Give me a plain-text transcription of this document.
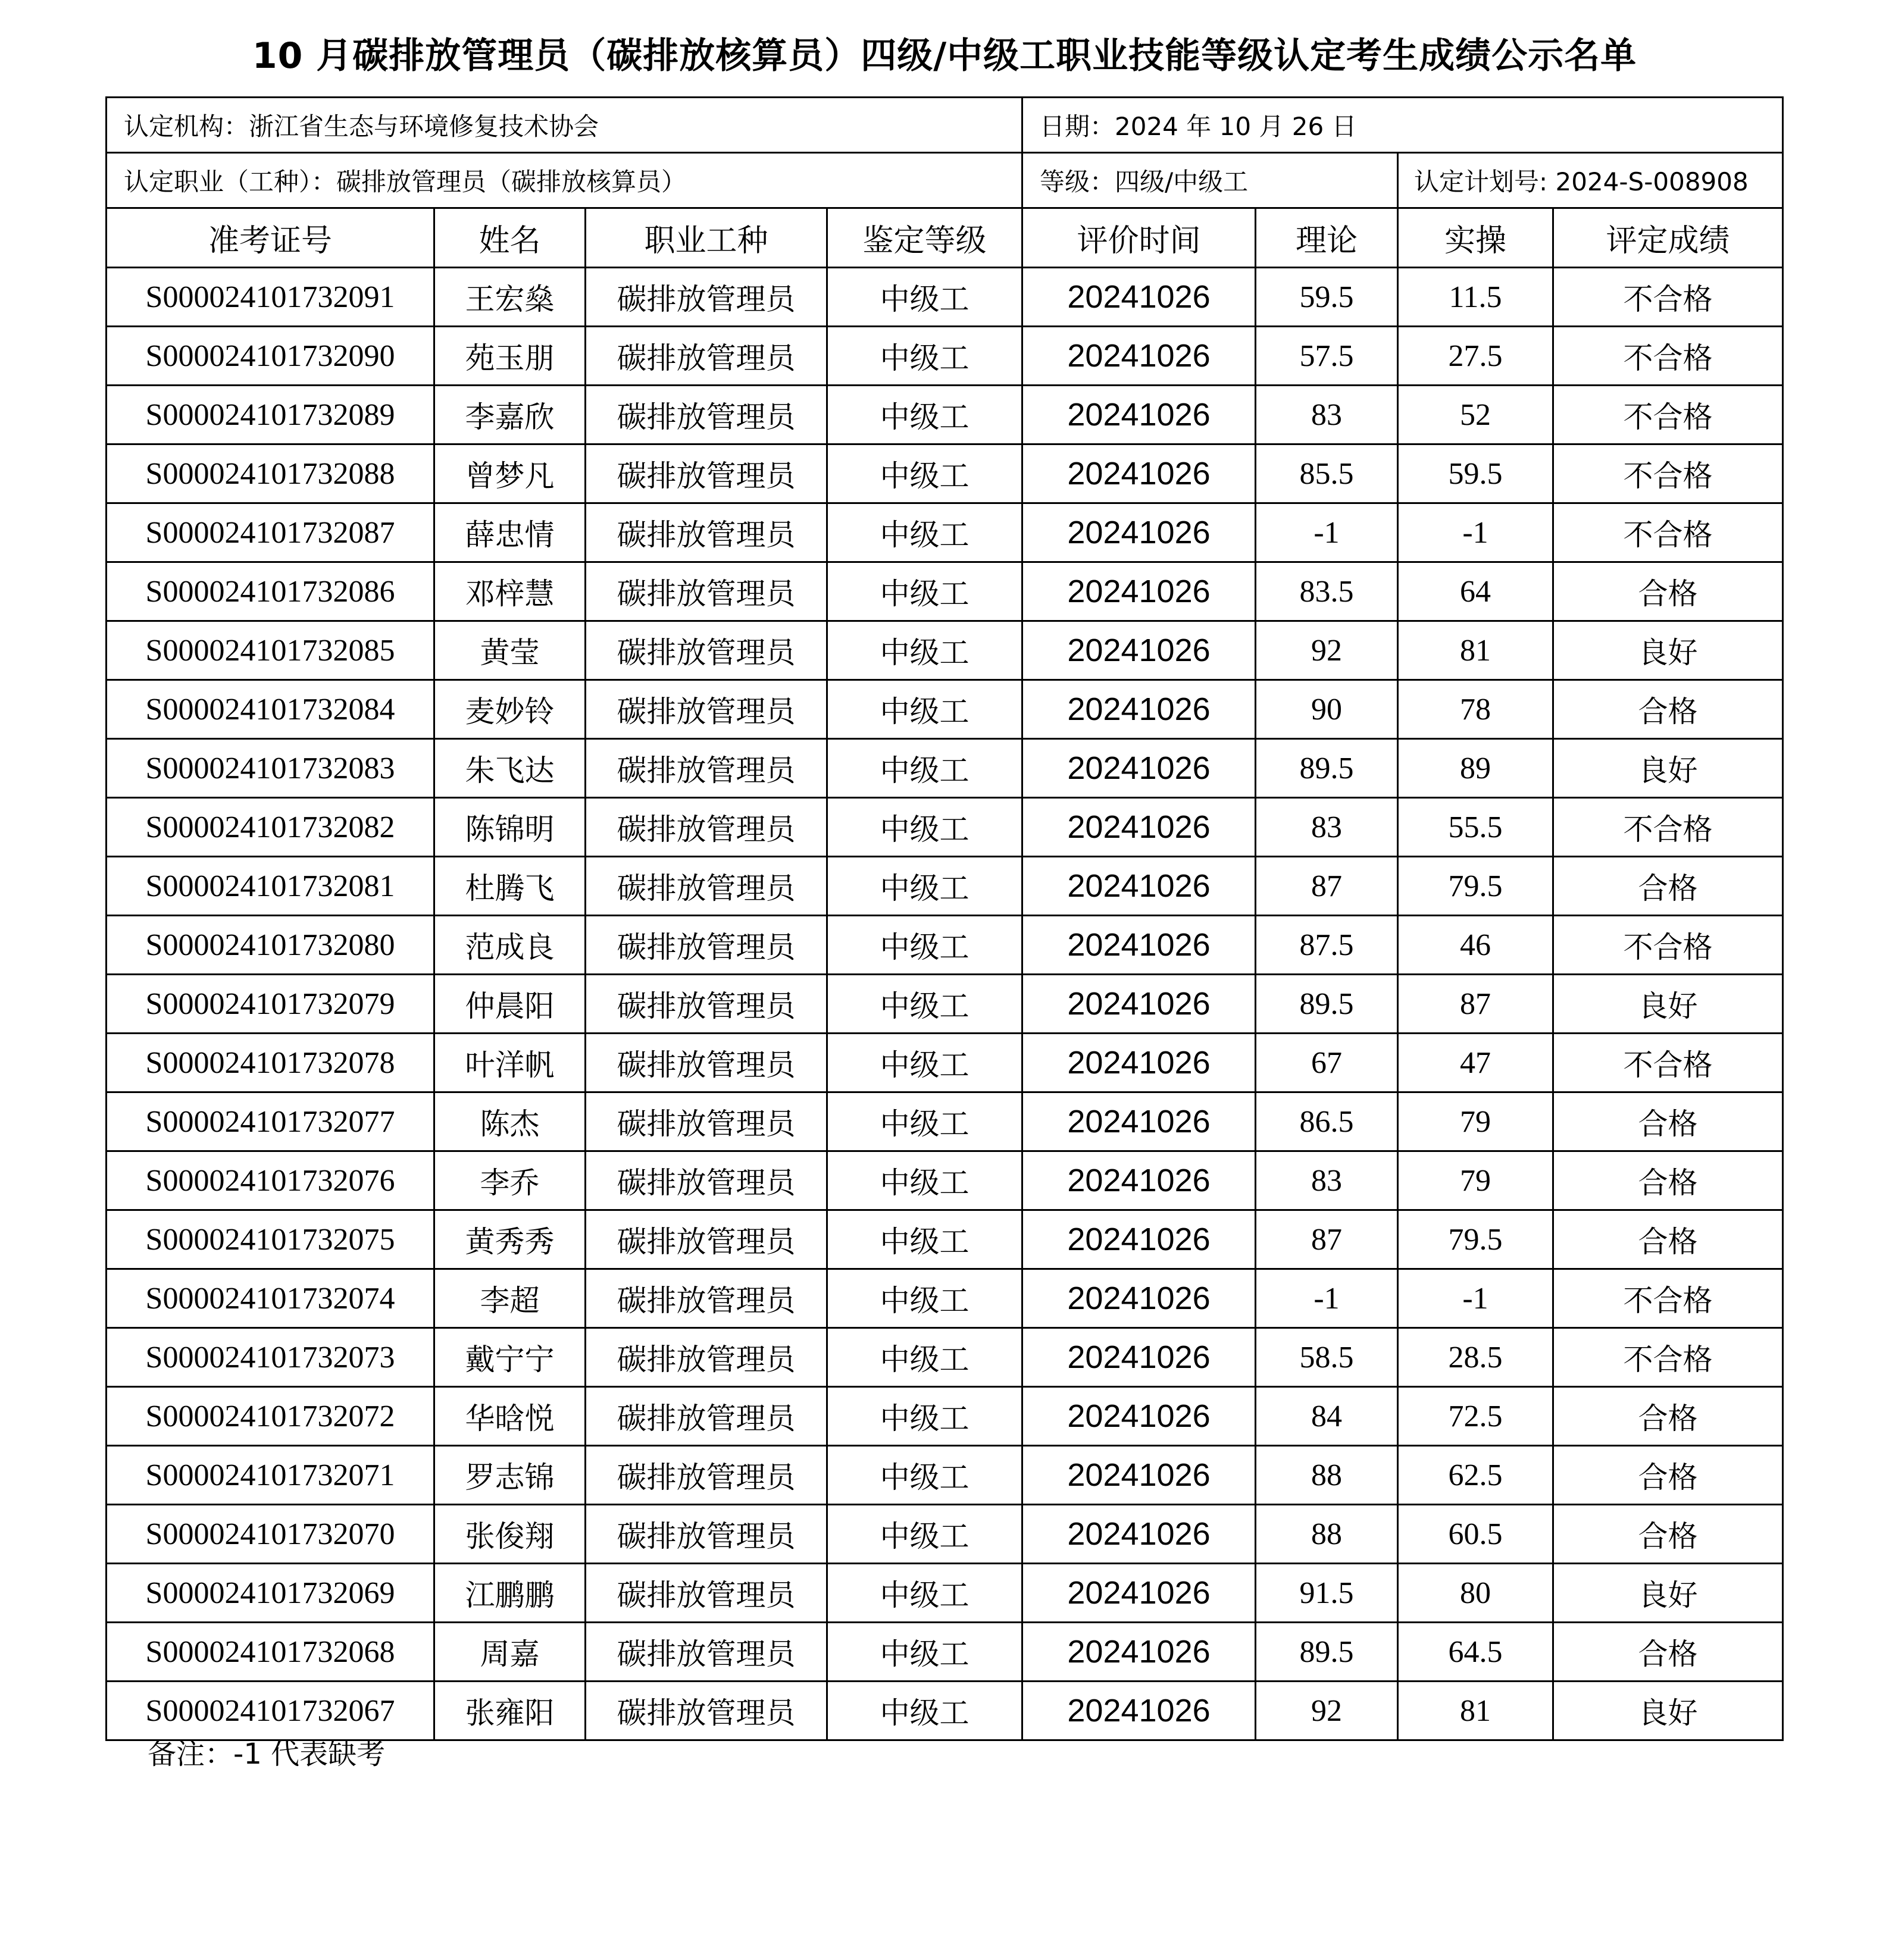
10 月碳排放管理员（碳排放核算员）四级/中级工职业技能等级认定考生成绩公示名单
认定机构：浙江省生态与环境修复技术协会				日期：2024 年 10 月 26 日			
认定职业（工种）：碳排放管理员（碳排放核算员）				等级：四级/中级工		认定计划号: 2024-S-008908	
准考证号	姓名	职业工种	鉴定等级	评价时间	理论	实操	评定成绩
S000024101732091	王宏燊	碳排放管理员	中级工	20241026	59.5	11.5	不合格
S000024101732090	苑玉朋	碳排放管理员	中级工	20241026	57.5	27.5	不合格
S000024101732089	李嘉欣	碳排放管理员	中级工	20241026	83	52	不合格
S000024101732088	曾梦凡	碳排放管理员	中级工	20241026	85.5	59.5	不合格
S000024101732087	薛忠情	碳排放管理员	中级工	20241026	-1	-1	不合格
S000024101732086	邓梓慧	碳排放管理员	中级工	20241026	83.5	64	合格
S000024101732085	黄莹	碳排放管理员	中级工	20241026	92	81	良好
S000024101732084	麦妙铃	碳排放管理员	中级工	20241026	90	78	合格
S000024101732083	朱飞达	碳排放管理员	中级工	20241026	89.5	89	良好
S000024101732082	陈锦明	碳排放管理员	中级工	20241026	83	55.5	不合格
S000024101732081	杜腾飞	碳排放管理员	中级工	20241026	87	79.5	合格
S000024101732080	范成良	碳排放管理员	中级工	20241026	87.5	46	不合格
S000024101732079	仲晨阳	碳排放管理员	中级工	20241026	89.5	87	良好
S000024101732078	叶洋帆	碳排放管理员	中级工	20241026	67	47	不合格
S000024101732077	陈杰	碳排放管理员	中级工	20241026	86.5	79	合格
S000024101732076	李乔	碳排放管理员	中级工	20241026	83	79	合格
S000024101732075	黄秀秀	碳排放管理员	中级工	20241026	87	79.5	合格
S000024101732074	李超	碳排放管理员	中级工	20241026	-1	-1	不合格
S000024101732073	戴宁宁	碳排放管理员	中级工	20241026	58.5	28.5	不合格
S000024101732072	华晗悦	碳排放管理员	中级工	20241026	84	72.5	合格
S000024101732071	罗志锦	碳排放管理员	中级工	20241026	88	62.5	合格
S000024101732070	张俊翔	碳排放管理员	中级工	20241026	88	60.5	合格
S000024101732069	江鹏鹏	碳排放管理员	中级工	20241026	91.5	80	良好
S000024101732068	周嘉	碳排放管理员	中级工	20241026	89.5	64.5	合格
S000024101732067	张雍阳	碳排放管理员	中级工	20241026	92	81	良好
备注：-1 代表缺考
